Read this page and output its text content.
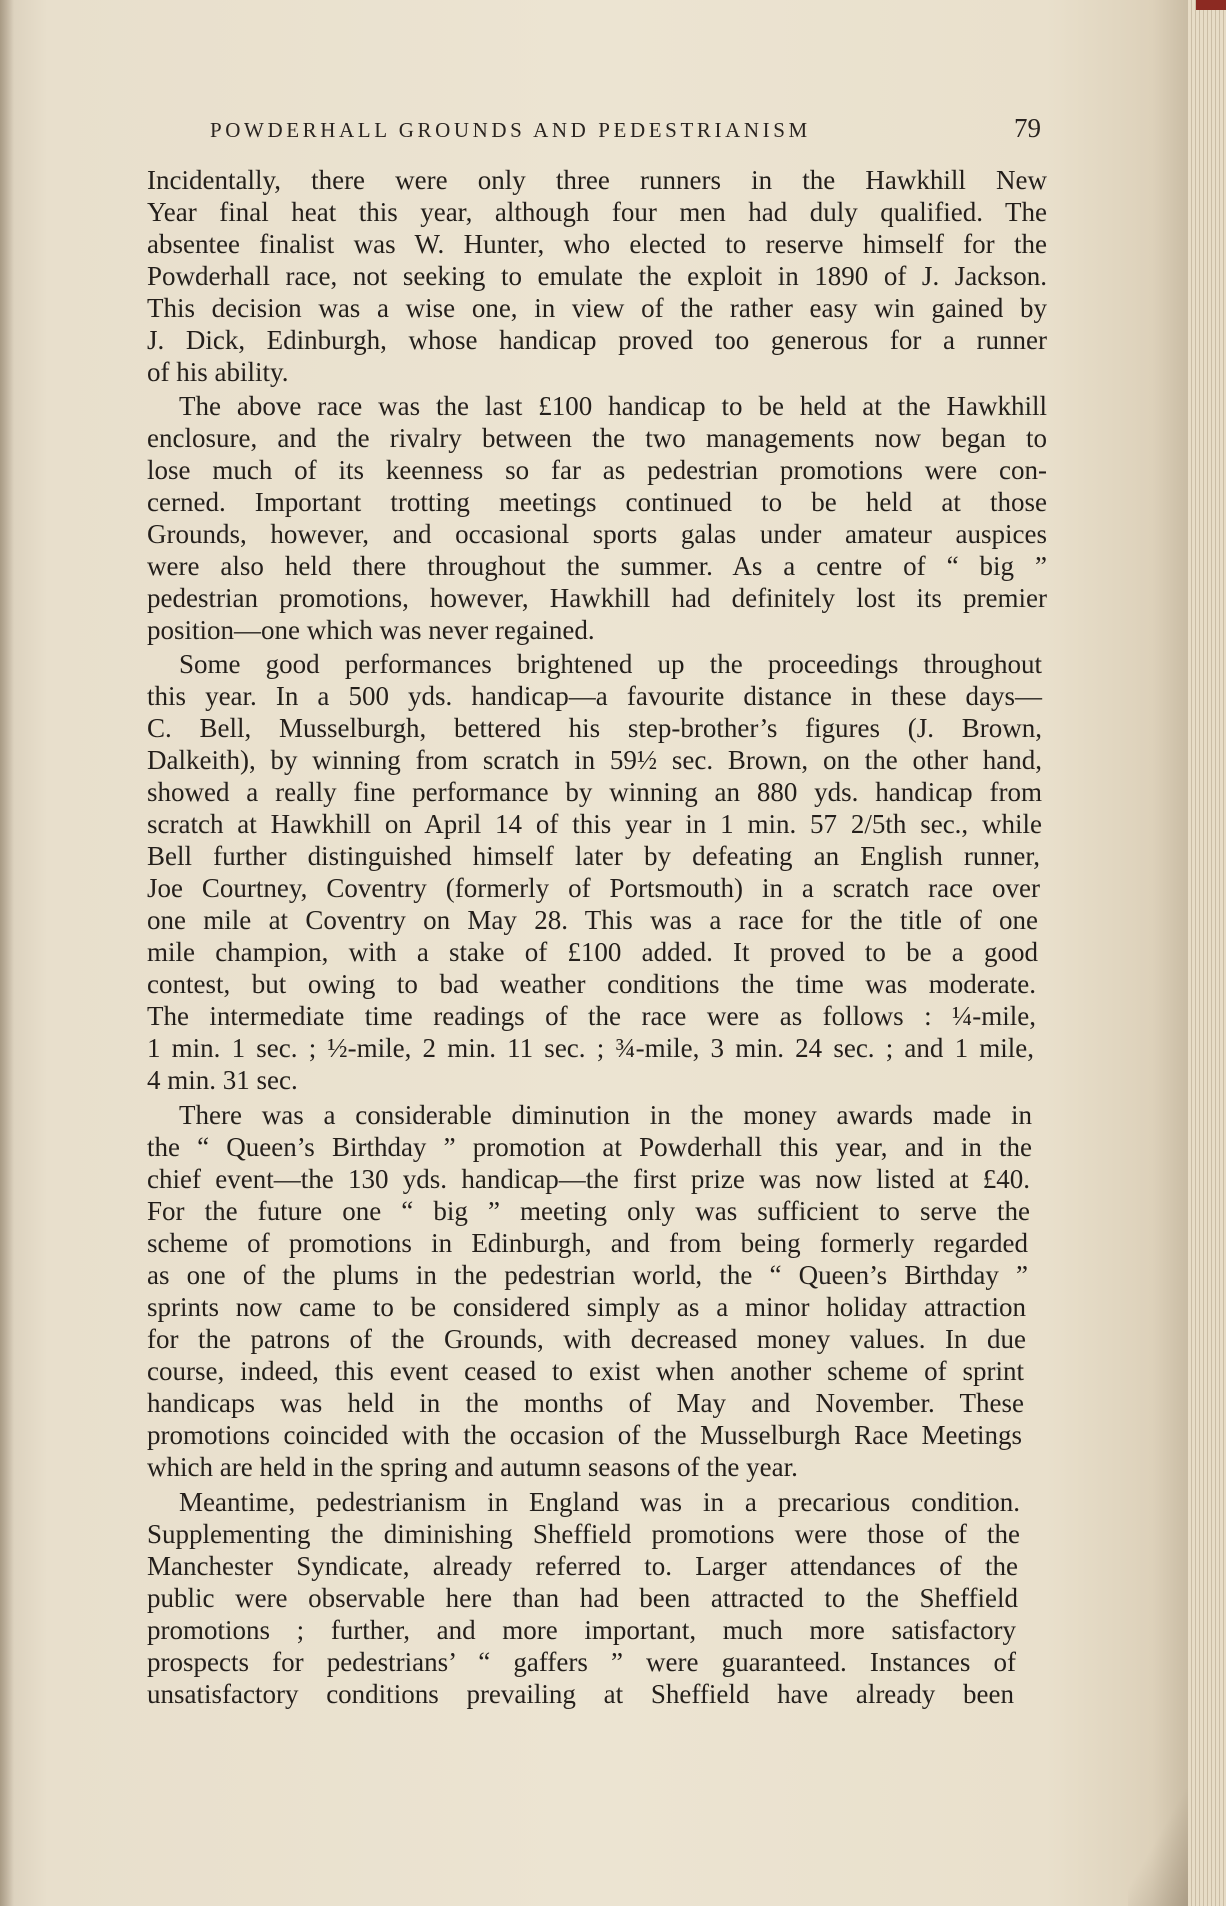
POWDERHALL GROUNDS AND PEDESTRIANISM	79
Incidentally, there were only three runners in the Hawkhill New
Year final heat this year, although four men had duly qualified. The
absentee finalist was W. Hunter, who elected to reserve himself for the
Powderhall race, not seeking to emulate the exploit in 1890 of J. Jackson.
This decision was a wise one, in view of the rather easy win gained by
J. Dick, Edinburgh, whose handicap proved too generous for a runner
of his ability.
The above race was the last £100 handicap to be held at the Hawkhill
enclosure, and the rivalry between the two managements now began to
lose much of its keenness so far as pedestrian promotions were con-
cerned. Important trotting meetings continued to be held at those
Grounds, however, and occasional sports galas under amateur auspices
were also held there throughout the summer. As a centre of “ big ”
pedestrian promotions, however, Hawkhill had definitely lost its premier
position—one which was never regained.
Some good performances brightened up the proceedings throughout
this year. In a 500 yds. handicap—a favourite distance in these days—
C. Bell, Musselburgh, bettered his step-brother’s figures (J. Brown,
Dalkeith), by winning from scratch in 59½ sec. Brown, on the other hand,
showed a really fine performance by winning an 880 yds. handicap from
scratch at Hawkhill on April 14 of this year in 1 min. 57 2/5th sec., while
Bell further distinguished himself later by defeating an English runner,
Joe Courtney, Coventry (formerly of Portsmouth) in a scratch race over
one mile at Coventry on May 28. This was a race for the title of one
mile champion, with a stake of £100 added. It proved to be a good
contest, but owing to bad weather conditions the time was moderate.
The intermediate time readings of the race were as follows : ¼-mile,
1 min. 1 sec. ; ½-mile, 2 min. 11 sec. ; ¾-mile, 3 min. 24 sec. ; and 1 mile,
4 min. 31 sec.
There was a considerable diminution in the money awards made in
the “ Queen’s Birthday ” promotion at Powderhall this year, and in the
chief event—the 130 yds. handicap—the first prize was now listed at £40.
For the future one “ big ” meeting only was sufficient to serve the
scheme of promotions in Edinburgh, and from being formerly regarded
as one of the plums in the pedestrian world, the “ Queen’s Birthday ”
sprints now came to be considered simply as a minor holiday attraction
for the patrons of the Grounds, with decreased money values. In due
course, indeed, this event ceased to exist when another scheme of sprint
handicaps was held in the months of May and November. These
promotions coincided with the occasion of the Musselburgh Race Meetings
which are held in the spring and autumn seasons of the year.
Meantime, pedestrianism in England was in a precarious condition.
Supplementing the diminishing Sheffield promotions were those of the
Manchester Syndicate, already referred to. Larger attendances of the
public were observable here than had been attracted to the Sheffield
promotions ; further, and more important, much more satisfactory
prospects for pedestrians’ “ gaffers ” were guaranteed. Instances of
unsatisfactory conditions prevailing at Sheffield have already been
